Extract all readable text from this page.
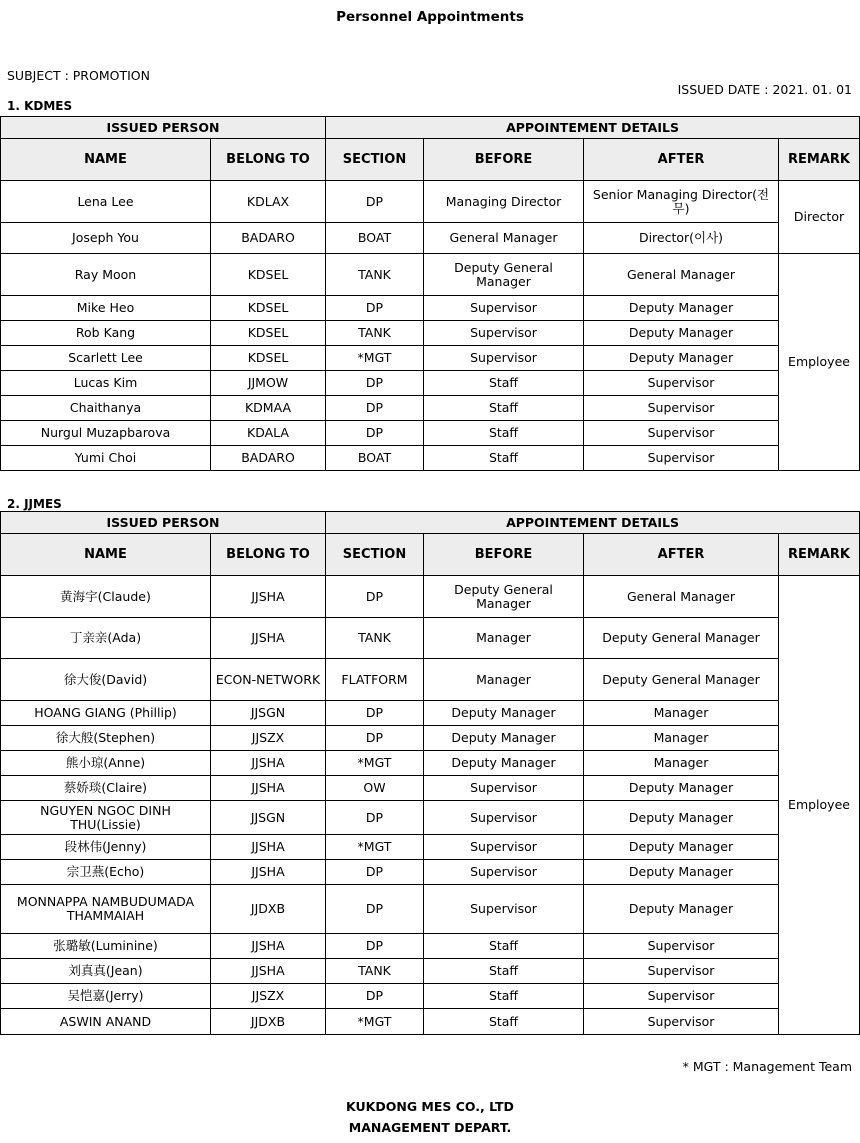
Personnel Appointments
SUBJECT : PROMOTION
ISSUED DATE : 2021. 01. 01
1. KDMES
ISSUED PERSON		APPOINTEMENT DETAILS			
NAME	BELONG TO	SECTION	BEFORE	AFTER	REMARK
Lena Lee	KDLAX	DP	Managing Director	Senior Managing Director(전무)	Director
Joseph You	BADARO	BOAT	General Manager	Director(이사)	
Ray Moon	KDSEL	TANK	Deputy General Manager	General Manager	Employee
Mike Heo	KDSEL	DP	Supervisor	Deputy Manager	
Rob Kang	KDSEL	TANK	Supervisor	Deputy Manager	
Scarlett Lee	KDSEL	*MGT	Supervisor	Deputy Manager	
Lucas Kim	JJMOW	DP	Staff	Supervisor	
Chaithanya	KDMAA	DP	Staff	Supervisor	
Nurgul Muzapbarova	KDALA	DP	Staff	Supervisor	
Yumi Choi	BADARO	BOAT	Staff	Supervisor	
2. JJMES
ISSUED PERSON		APPOINTEMENT DETAILS			
NAME	BELONG TO	SECTION	BEFORE	AFTER	REMARK
黄海宇(Claude)	JJSHA	DP	Deputy General Manager	General Manager	Employee
丁亲亲(Ada)	JJSHA	TANK	Manager	Deputy General Manager	
徐大俊(David)	ECON-NETWORK	FLATFORM	Manager	Deputy General Manager	
HOANG GIANG (Phillip)	JJSGN	DP	Deputy Manager	Manager	
徐大般(Stephen)	JJSZX	DP	Deputy Manager	Manager	
熊小琼(Anne)	JJSHA	*MGT	Deputy Manager	Manager	
蔡娇琰(Claire)	JJSHA	OW	Supervisor	Deputy Manager	
NGUYEN NGOC DINH THU(Lissie)	JJSGN	DP	Supervisor	Deputy Manager	
段林伟(Jenny)	JJSHA	*MGT	Supervisor	Deputy Manager	
宗卫燕(Echo)	JJSHA	DP	Supervisor	Deputy Manager	
MONNAPPA NAMBUDUMADA THAMMAIAH	JJDXB	DP	Supervisor	Deputy Manager	
张璐敏(Luminine)	JJSHA	DP	Staff	Supervisor	
刘真真(Jean)	JJSHA	TANK	Staff	Supervisor	
吴恺嘉(Jerry)	JJSZX	DP	Staff	Supervisor	
ASWIN ANAND	JJDXB	*MGT	Staff	Supervisor	
* MGT : Management Team
KUKDONG MES CO., LTD
MANAGEMENT DEPART.
